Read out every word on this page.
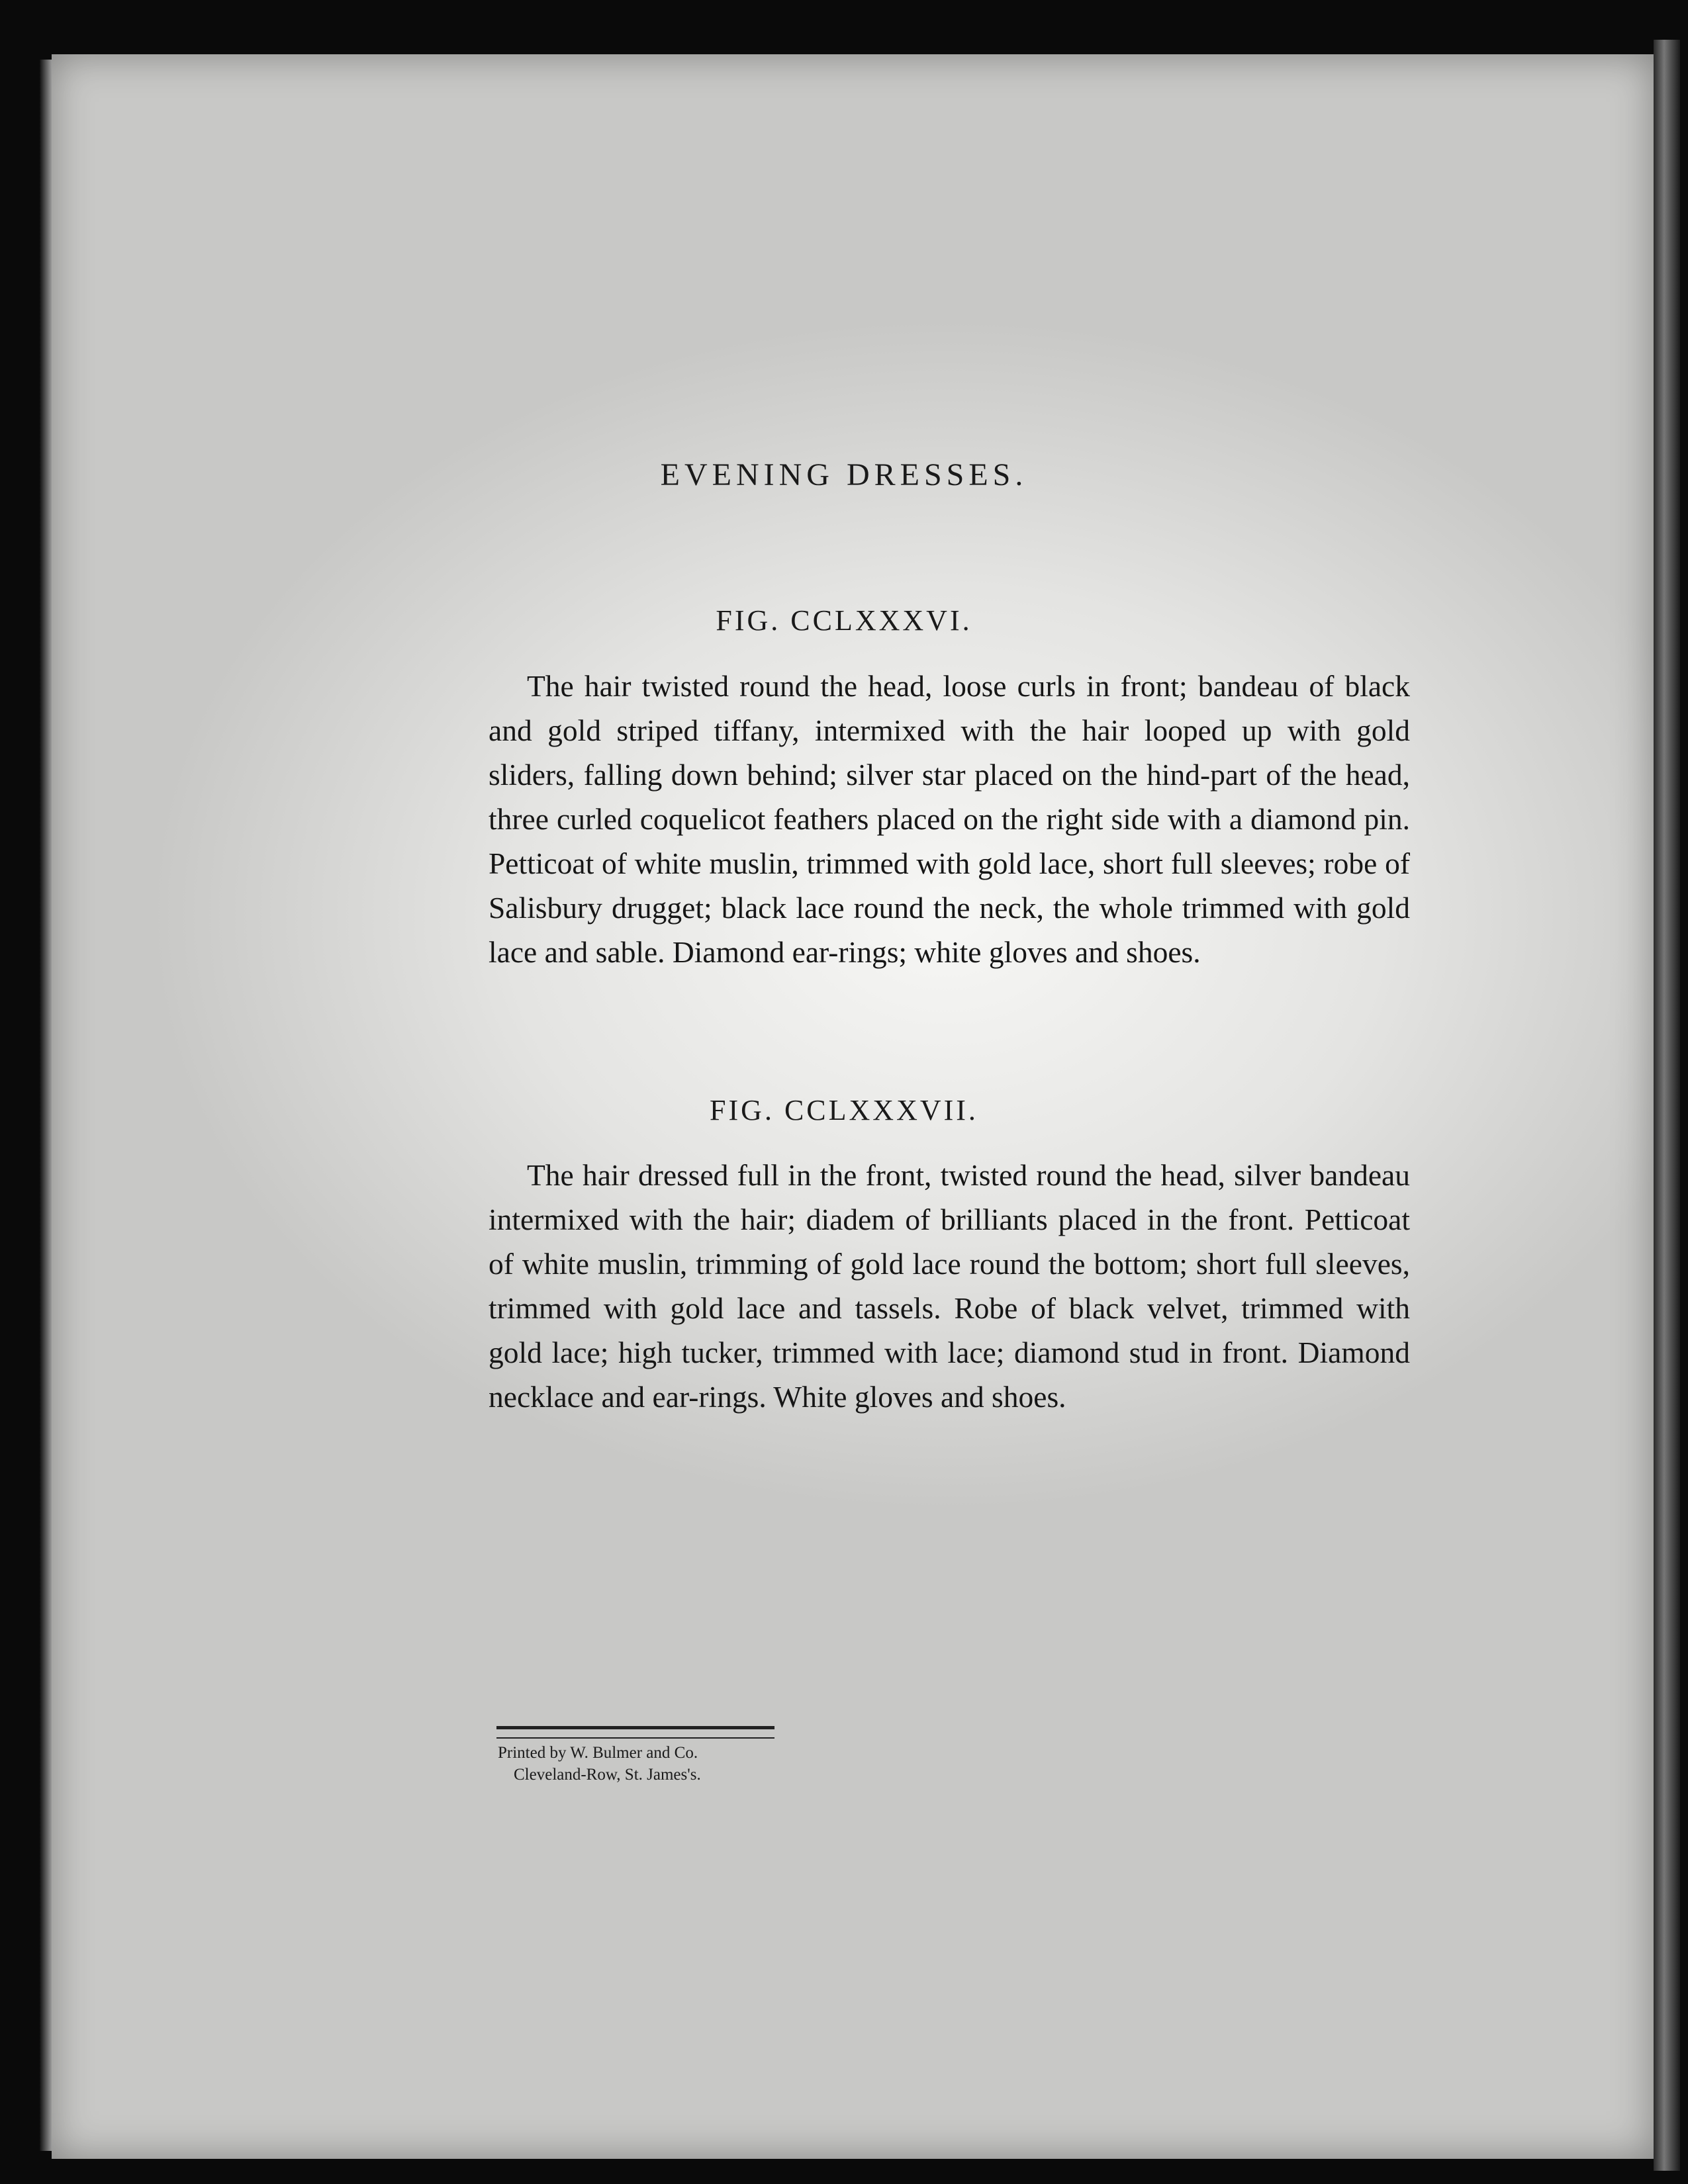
EVENING DRESSES.
FIG. CCLXXXVI.
The hair twisted round the head, loose curls in front; bandeau of black and gold striped tiffany, intermixed with the hair looped up with gold sliders, falling down behind; silver star placed on the hind-part of the head, three curled coquelicot feathers placed on the right side with a diamond pin. Petticoat of white muslin, trimmed with gold lace, short full sleeves; robe of Salisbury drugget; black lace round the neck, the whole trimmed with gold lace and sable. Diamond ear-rings; white gloves and shoes.
FIG. CCLXXXVII.
The hair dressed full in the front, twisted round the head, silver bandeau intermixed with the hair; diadem of brilliants placed in the front. Petticoat of white muslin, trimming of gold lace round the bottom; short full sleeves, trimmed with gold lace and tassels. Robe of black velvet, trimmed with gold lace; high tucker, trimmed with lace; diamond stud in front. Diamond necklace and ear-rings. White gloves and shoes.
Printed by W. Bulmer and Co.
Cleveland-Row, St. James's.
